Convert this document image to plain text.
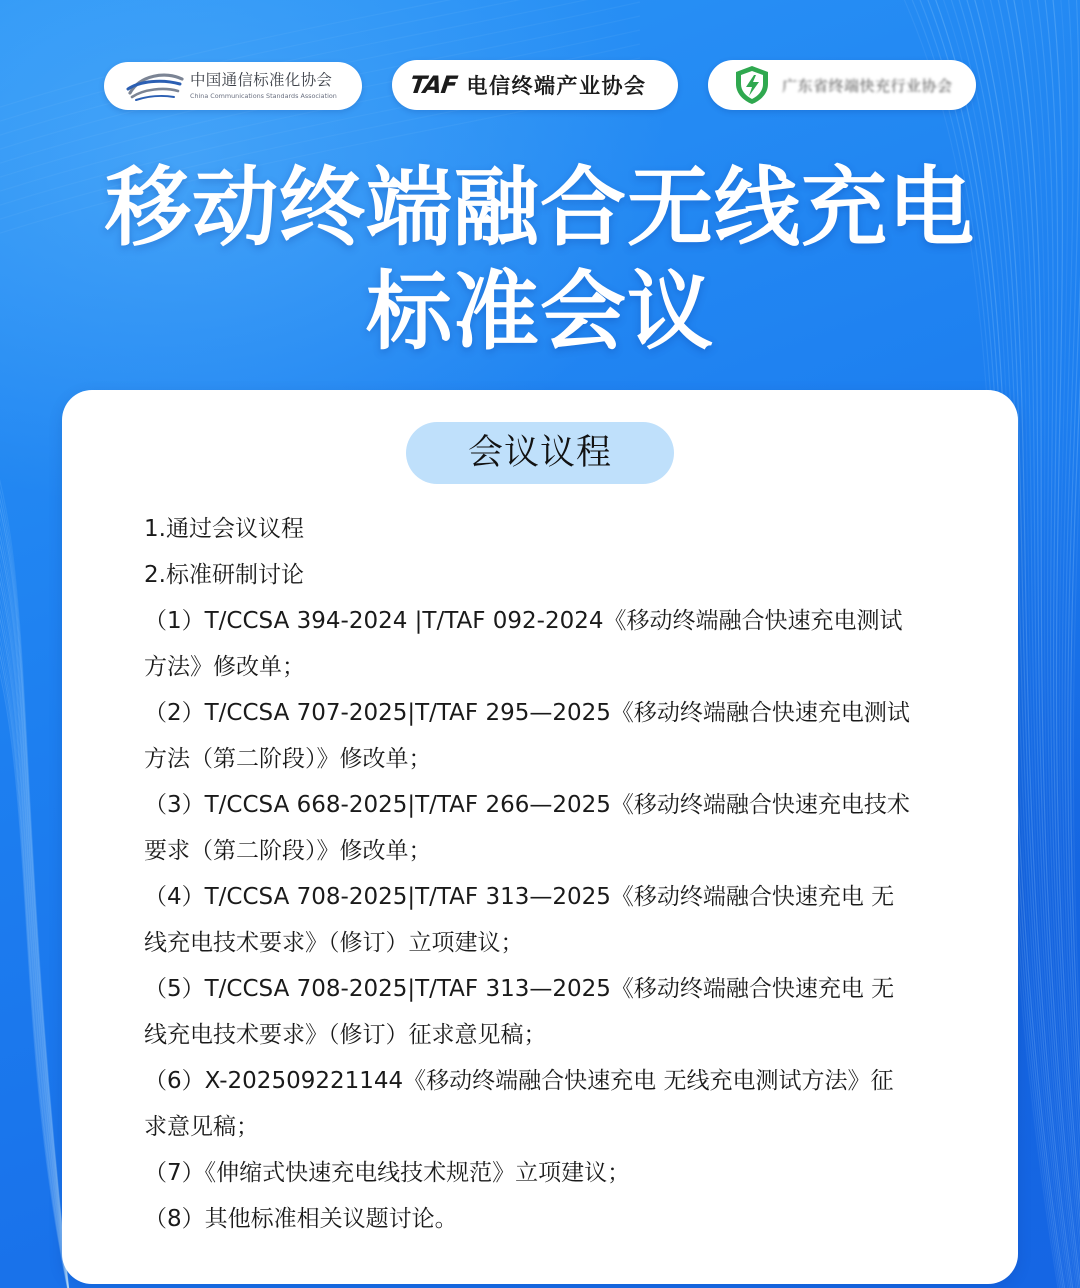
中国通信标准化协会
China Communications Standards Association	TAF 电信终端产业协会	广东省终端快充行业协会
移动终端融合无线充电
标准会议
会议议程
1.通过会议议程
2.标准研制讨论
（1）T/CCSA 394-2024 |T/TAF 092-2024《移动终端融合快速充电测试
方法》修改单；
（2）T/CCSA 707-2025|T/TAF 295—2025《移动终端融合快速充电测试
方法（第二阶段）》修改单；
（3）T/CCSA 668-2025|T/TAF 266—2025《移动终端融合快速充电技术
要求（第二阶段）》修改单；
（4）T/CCSA 708-2025|T/TAF 313—2025《移动终端融合快速充电 无
线充电技术要求》（修订）立项建议；
（5）T/CCSA 708-2025|T/TAF 313—2025《移动终端融合快速充电 无
线充电技术要求》（修订）征求意见稿；
（6）X-202509221144《移动终端融合快速充电 无线充电测试方法》征
求意见稿；
（7）《伸缩式快速充电线技术规范》立项建议；
（8）其他标准相关议题讨论。
